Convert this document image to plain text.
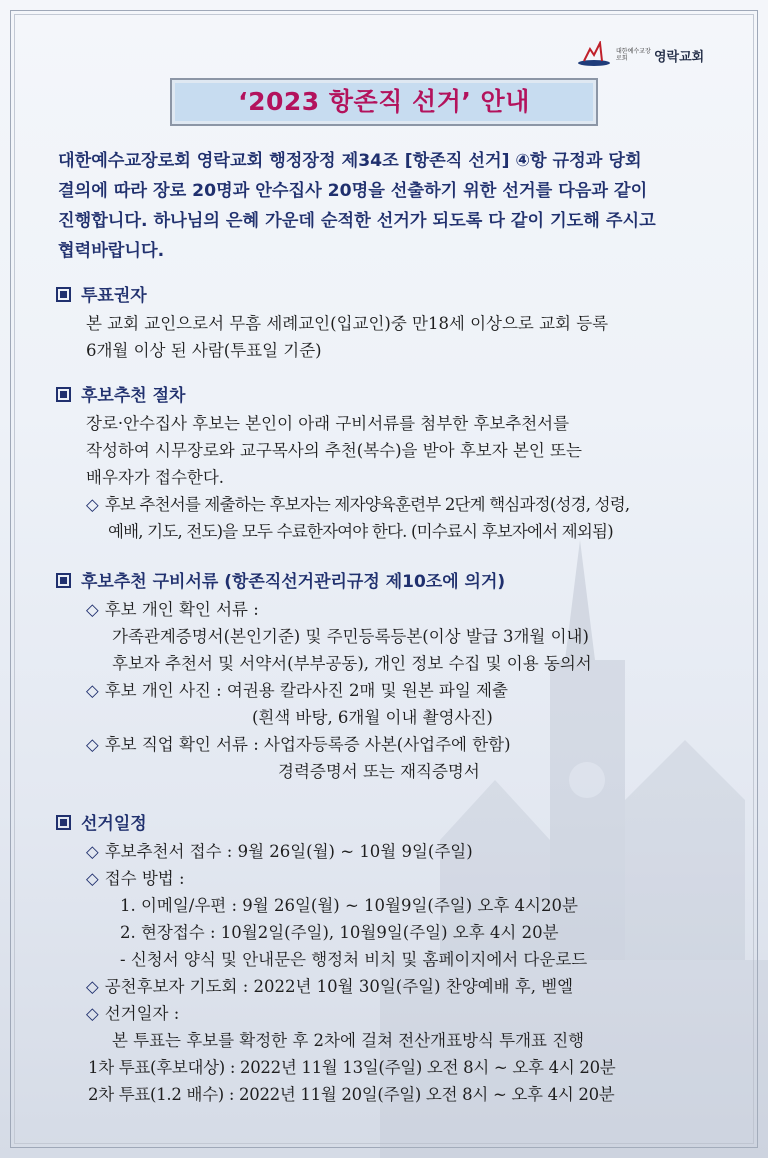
대한예수교장로회	영락교회
‘2023 항존직 선거’ 안내
대한예수교장로회 영락교회 행정장정 제34조 [항존직 선거] ④항 규정과 당회
결의에 따라 장로 20명과 안수집사 20명을 선출하기 위한 선거를 다음과 같이
진행합니다. 하나님의 은혜 가운데 순적한 선거가 되도록 다 같이 기도해 주시고
협력바랍니다.
투표권자
본 교회 교인으로서 무흠 세례교인(입교인)중 만18세 이상으로 교회 등록
6개월 이상 된 사람(투표일 기준)
후보추천 절차
장로·안수집사 후보는 본인이 아래 구비서류를 첨부한 후보추천서를
작성하여 시무장로와 교구목사의 추천(복수)을 받아 후보자 본인 또는
배우자가 접수한다.
◇ 후보 추천서를 제출하는 후보자는 제자양육훈련부 2단계 핵심과정(성경, 성령,
예배, 기도, 전도)을 모두 수료한자여야 한다. (미수료시 후보자에서 제외됨)
후보추천 구비서류 (항존직선거관리규정 제10조에 의거)
◇ 후보 개인 확인 서류 :
가족관계증명서(본인기준) 및 주민등록등본(이상 발급 3개월 이내)
후보자 추천서 및 서약서(부부공동), 개인 정보 수집 및 이용 동의서
◇ 후보 개인 사진 : 여권용 칼라사진 2매 및 원본 파일 제출
(흰색 바탕, 6개월 이내 촬영사진)
◇ 후보 직업 확인 서류 : 사업자등록증 사본(사업주에 한함)
경력증명서 또는 재직증명서
선거일정
◇ 후보추천서 접수 : 9월 26일(월) ~ 10월 9일(주일)
◇ 접수 방법 :
1. 이메일/우편 : 9월 26일(월) ~ 10월9일(주일) 오후 4시20분
2. 현장접수 : 10월2일(주일), 10월9일(주일) 오후 4시 20분
- 신청서 양식 및 안내문은 행정처 비치 및 홈페이지에서 다운로드
◇ 공천후보자 기도회 : 2022년 10월 30일(주일) 찬양예배 후, 벧엘
◇ 선거일자 :
본 투표는 후보를 확정한 후 2차에 걸쳐 전산개표방식 투개표 진행
1차 투표(후보대상) : 2022년 11월 13일(주일) 오전 8시 ~ 오후 4시 20분
2차 투표(1.2 배수) : 2022년 11월 20일(주일) 오전 8시 ~ 오후 4시 20분
